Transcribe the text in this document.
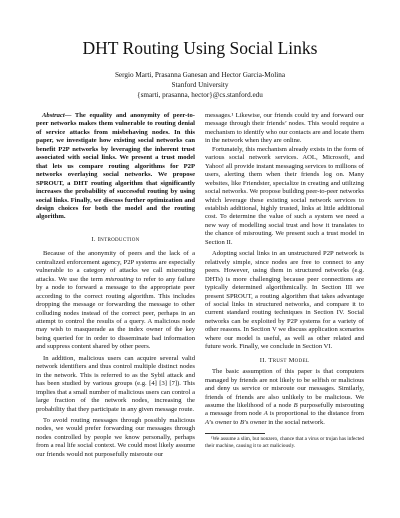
DHT Routing Using Social Links
Sergio Marti, Prasanna Ganesan and Hector Garcia-Molina
Stanford University
{smarti, prasanna, hector}@cs.stanford.edu

Abstract— The equality and anonymity of peer-to-peer networks makes them vulnerable to routing denial of service attacks from misbehaving nodes. In this paper, we investigate how existing social networks can benefit P2P networks by leveraging the inherent trust associated with social links. We present a trust model that lets us compare routing algorithms for P2P networks overlaying social networks. We propose SPROUT, a DHT routing algorithm that significantly increases the probability of successful routing by using social links. Finally, we discuss further optimization and design choices for both the model and the routing algorithm.

I. Introduction

Because of the anonymity of peers and the lack of a centralized enforcement agency, P2P systems are especially vulnerable to a category of attacks we call misrouting attacks. We use the term misrouting to refer to any failure by a node to forward a message to the appropriate peer according to the correct routing algorithm. This includes dropping the message or forwarding the message to other colluding nodes instead of the correct peer, perhaps in an attempt to control the results of a query. A malicious node may wish to masquerade as the index owner of the key being queried for in order to disseminate bad information and suppress content shared by other peers.

In addition, malicious users can acquire several valid network identifiers and thus control multiple distinct nodes in the network. This is referred to as the Sybil attack and has been studied by various groups (e.g. [4] [3] [7]). This implies that a small number of malicious users can control a large fraction of the network nodes, increasing the probability that they participate in any given message route.

To avoid routing messages through possibly malicious nodes, we would prefer forwarding our messages through nodes controlled by people we know personally, perhaps from a real life social context. We could most likely assume our friends would not purposefully misroute our

messages.¹ Likewise, our friends could try and forward our message through their friends’ nodes. This would require a mechanism to identify who our contacts are and locate them in the network when they are online.

Fortunately, this mechanism already exists in the form of various social network services. AOL, Microsoft, and Yahoo! all provide instant messaging services to millions of users, alerting them when their friends log on. Many websites, like Friendster, specialize in creating and utilizing social networks. We propose building peer-to-peer networks which leverage these existing social network services to establish additional, highly trusted, links at little additional cost. To determine the value of such a system we need a new way of modelling social trust and how it translates to the chance of misrouting. We present such a trust model in Section II.

Adopting social links in an unstructured P2P network is relatively simple, since nodes are free to connect to any peers. However, using them in structured networks (e.g. DHTs) is more challenging because peer connections are typically determined algorithmically. In Section III we present SPROUT, a routing algorithm that takes advantage of social links in structured networks, and compare it to current standard routing techniques in Section IV. Social networks can be exploited by P2P systems for a variety of other reasons. In Section V we discuss application scenarios where our model is useful, as well as other related and future work. Finally, we conclude in Section VI.

II. Trust Model

The basic assumption of this paper is that computers managed by friends are not likely to be selfish or malicious and deny us service or misroute our messages. Similarly, friends of friends are also unlikely to be malicious. We assume the likelihood of a node B purposefully misrouting a message from node A is proportional to the distance from A’s owner to B’s owner in the social network.

¹We assume a slim, but nonzero, chance that a virus or trojan has infected their machine, causing it to act maliciously.
